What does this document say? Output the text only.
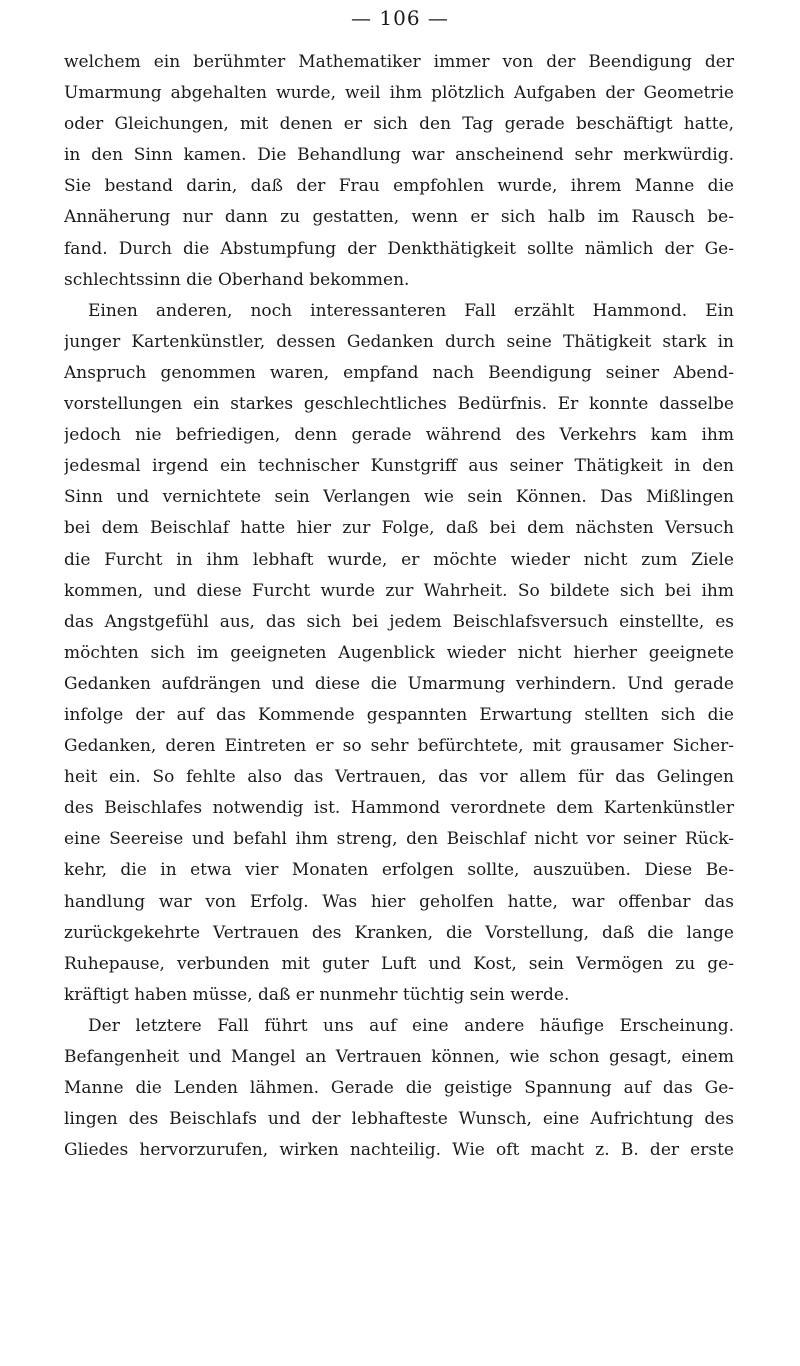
— 106 —
welchem ein berühmter Mathematiker immer von der Beendigung der
Umarmung abgehalten wurde, weil ihm plötzlich Aufgaben der Geometrie
oder Gleichungen, mit denen er sich den Tag gerade beschäftigt hatte,
in den Sinn kamen. Die Behandlung war anscheinend sehr merkwürdig.
Sie bestand darin, daß der Frau empfohlen wurde, ihrem Manne die
Annäherung nur dann zu gestatten, wenn er sich halb im Rausch be-
fand. Durch die Abstumpfung der Denkthätigkeit sollte nämlich der Ge-
schlechtssinn die Oberhand bekommen.
Einen anderen, noch interessanteren Fall erzählt Hammond. Ein
junger Kartenkünstler, dessen Gedanken durch seine Thätigkeit stark in
Anspruch genommen waren, empfand nach Beendigung seiner Abend-
vorstellungen ein starkes geschlechtliches Bedürfnis. Er konnte dasselbe
jedoch nie befriedigen, denn gerade während des Verkehrs kam ihm
jedesmal irgend ein technischer Kunstgriff aus seiner Thätigkeit in den
Sinn und vernichtete sein Verlangen wie sein Können. Das Mißlingen
bei dem Beischlaf hatte hier zur Folge, daß bei dem nächsten Versuch
die Furcht in ihm lebhaft wurde, er möchte wieder nicht zum Ziele
kommen, und diese Furcht wurde zur Wahrheit. So bildete sich bei ihm
das Angstgefühl aus, das sich bei jedem Beischlafsversuch einstellte, es
möchten sich im geeigneten Augenblick wieder nicht hierher geeignete
Gedanken aufdrängen und diese die Umarmung verhindern. Und gerade
infolge der auf das Kommende gespannten Erwartung stellten sich die
Gedanken, deren Eintreten er so sehr befürchtete, mit grausamer Sicher-
heit ein. So fehlte also das Vertrauen, das vor allem für das Gelingen
des Beischlafes notwendig ist. Hammond verordnete dem Kartenkünstler
eine Seereise und befahl ihm streng, den Beischlaf nicht vor seiner Rück-
kehr, die in etwa vier Monaten erfolgen sollte, auszuüben. Diese Be-
handlung war von Erfolg. Was hier geholfen hatte, war offenbar das
zurückgekehrte Vertrauen des Kranken, die Vorstellung, daß die lange
Ruhepause, verbunden mit guter Luft und Kost, sein Vermögen zu ge-
kräftigt haben müsse, daß er nunmehr tüchtig sein werde.
Der letztere Fall führt uns auf eine andere häufige Erscheinung.
Befangenheit und Mangel an Vertrauen können, wie schon gesagt, einem
Manne die Lenden lähmen. Gerade die geistige Spannung auf das Ge-
lingen des Beischlafs und der lebhafteste Wunsch, eine Aufrichtung des
Gliedes hervorzurufen, wirken nachteilig. Wie oft macht z. B. der erste
